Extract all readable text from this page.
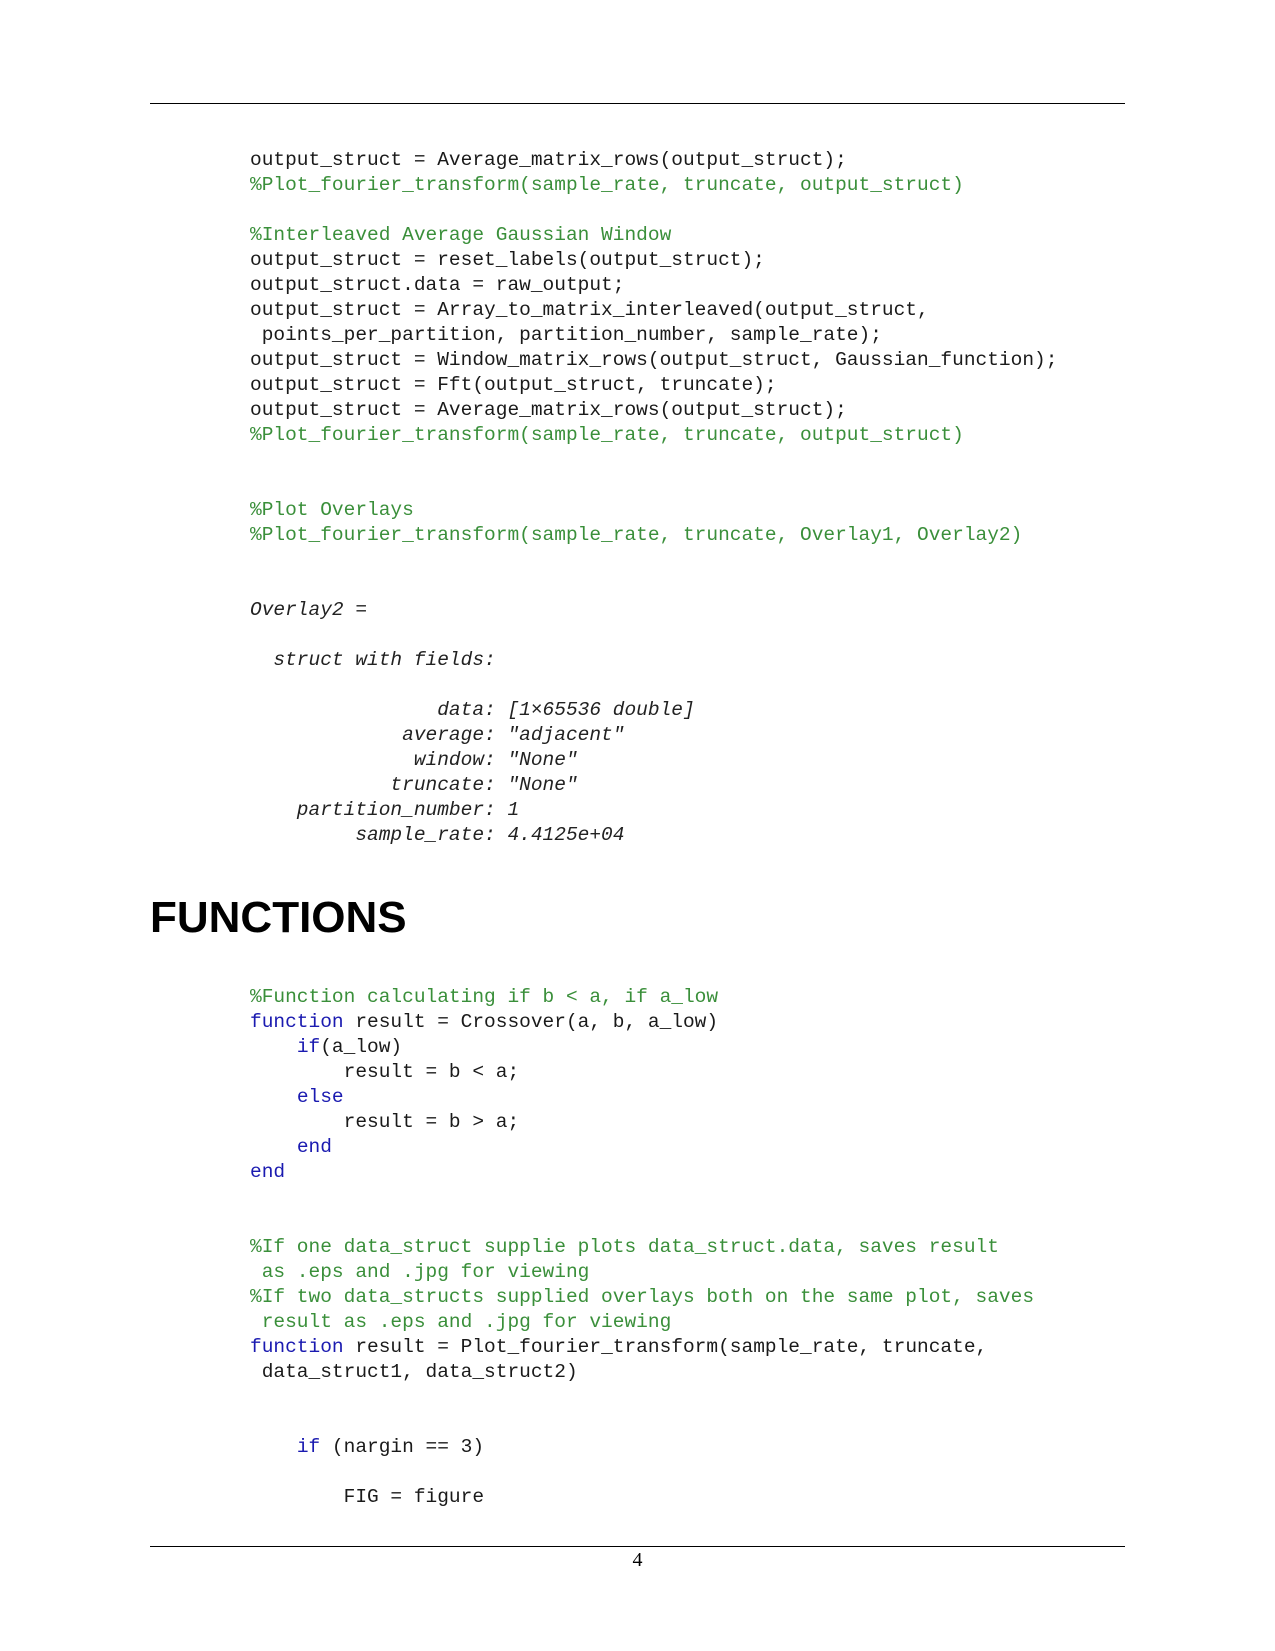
output_struct = Average_matrix_rows(output_struct);
%Plot_fourier_transform(sample_rate, truncate, output_struct)
%Interleaved Average Gaussian Window
output_struct = reset_labels(output_struct);
output_struct.data = raw_output;
output_struct = Array_to_matrix_interleaved(output_struct,
points_per_partition, partition_number, sample_rate);
output_struct = Window_matrix_rows(output_struct, Gaussian_function);
output_struct = Fft(output_struct, truncate);
output_struct = Average_matrix_rows(output_struct);
%Plot_fourier_transform(sample_rate, truncate, output_struct)
%Plot Overlays
%Plot_fourier_transform(sample_rate, truncate, Overlay1, Overlay2)
Overlay2 =
struct with fields:
data: [1×65536 double]
average: "adjacent"
window: "None"
truncate: "None"
partition_number: 1
sample_rate: 4.4125e+04
FUNCTIONS
%Function calculating if b < a, if a_low
function result = Crossover(a, b, a_low)
if(a_low)
result = b < a;
else
result = b > a;
end
end
%If one data_struct supplie plots data_struct.data, saves result
as .eps and .jpg for viewing
%If two data_structs supplied overlays both on the same plot, saves
result as .eps and .jpg for viewing
function result = Plot_fourier_transform(sample_rate, truncate,
data_struct1, data_struct2)
if (nargin == 3)
FIG = figure
4
